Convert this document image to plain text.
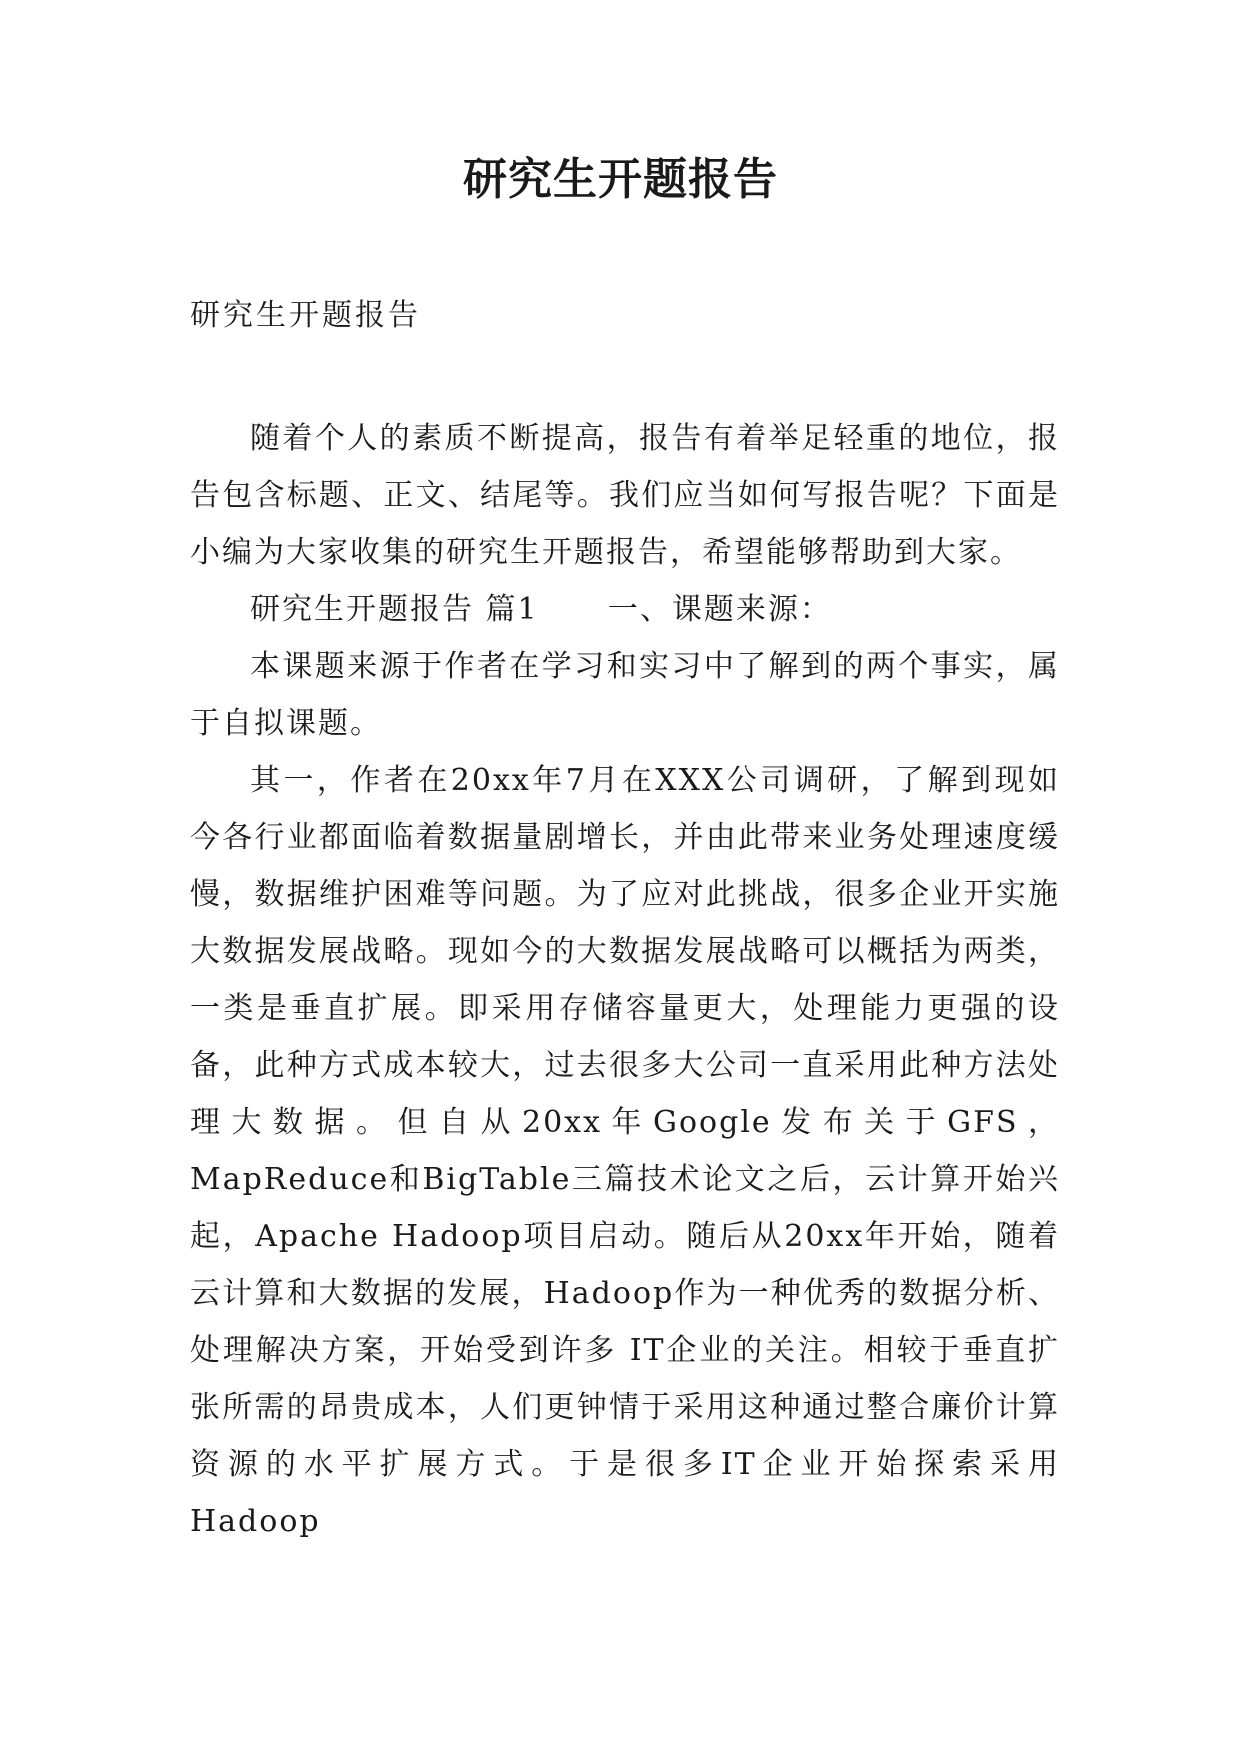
研究生开题报告
研究生开题报告

随着个人的素质不断提高，报告有着举足轻重的地位，报告包含标题、正文、结尾等。我们应当如何写报告呢？下面是小编为大家收集的研究生开题报告，希望能够帮助到大家。

研究生开题报告 篇1      一、课题来源：

本课题来源于作者在学习和实习中了解到的两个事实，属于自拟课题。

其一，作者在20xx年7月在XXX公司调研，了解到现如今各行业都面临着数据量剧增长，并由此带来业务处理速度缓慢，数据维护困难等问题。为了应对此挑战，很多企业开实施大数据发展战略。现如今的大数据发展战略可以概括为两类，一类是垂直扩展。即采用存储容量更大，处理能力更强的设备，此种方式成本较大，过去很多大公司一直采用此种方法处理大数据。但自从20xx年Google发布关于GFS，MapReduce和BigTable三篇技术论文之后，云计算开始兴起，Apache Hadoop项目启动。随后从20xx年开始，随着云计算和大数据的发展，Hadoop作为一种优秀的数据分析、处理解决方案，开始受到许多 IT企业的关注。相较于垂直扩张所需的昂贵成本，人们更钟情于采用这种通过整合廉价计算资源的水平扩展方式。于是很多IT企业开始探索采用Hadoop
